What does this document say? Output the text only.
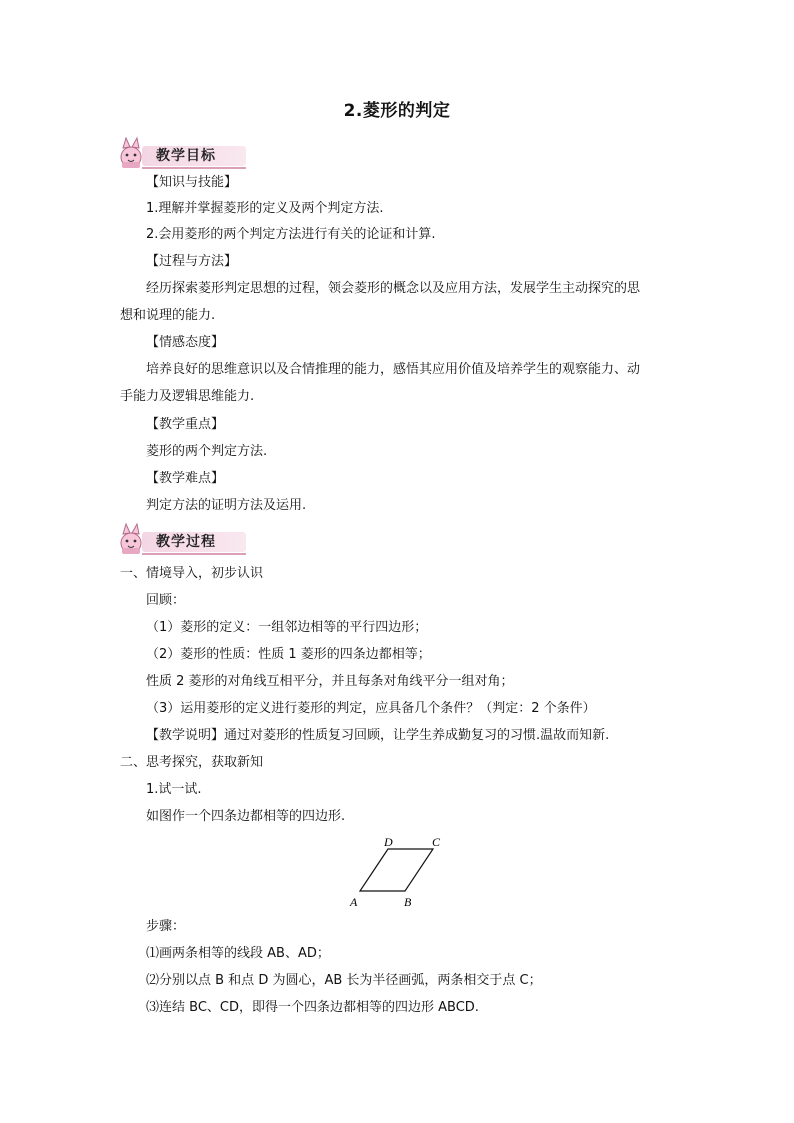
2.菱形的判定
教学目标
【知识与技能】
1.理解并掌握菱形的定义及两个判定方法.
2.会用菱形的两个判定方法进行有关的论证和计算.
【过程与方法】
经历探索菱形判定思想的过程，领会菱形的概念以及应用方法，发展学生主动探究的思
想和说理的能力.
【情感态度】
培养良好的思维意识以及合情推理的能力，感悟其应用价值及培养学生的观察能力、动
手能力及逻辑思维能力.
【教学重点】
菱形的两个判定方法.
【教学难点】
判定方法的证明方法及运用.
教学过程
一、情境导入，初步认识
回顾：
（1）菱形的定义：一组邻边相等的平行四边形；
（2）菱形的性质：性质 1 菱形的四条边都相等；
性质 2 菱形的对角线互相平分，并且每条对角线平分一组对角；
（3）运用菱形的定义进行菱形的判定，应具备几个条件？（判定：2 个条件）
【教学说明】通过对菱形的性质复习回顾，让学生养成勤复习的习惯.温故而知新.
二、思考探究，获取新知
1.试一试.
如图作一个四条边都相等的四边形.
A	B
C
D
步骤：
⑴画两条相等的线段 AB、AD；
⑵分别以点 B 和点 D 为圆心，AB 长为半径画弧，两条相交于点 C；
⑶连结 BC、CD，即得一个四条边都相等的四边形 ABCD.
